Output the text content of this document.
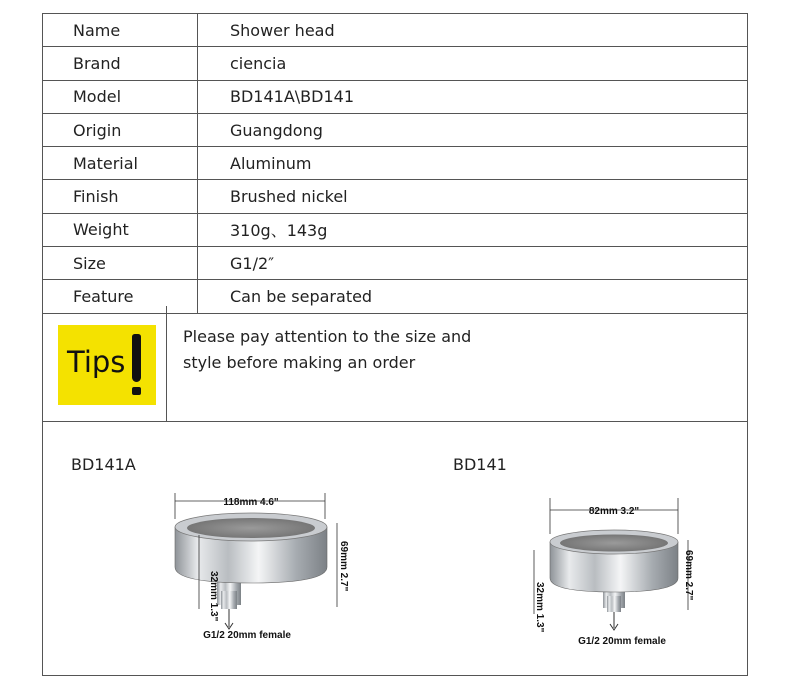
Name	Shower head
Brand	ciencia
Model	BD141A\BD141
Origin	Guangdong
Material	Aluminum
Finish	Brushed nickel
Weight	310g、143g
Size	G1/2″
Feature	Can be separated
Tips
Please pay attention to the size and
style before making an order
BD141A
118mm 4.6"
32mm 1.3"
69mm 2.7"
G1/2 20mm female
BD141
82mm 3.2"
32mm 1.3"
69mm 2.7"
G1/2 20mm female
